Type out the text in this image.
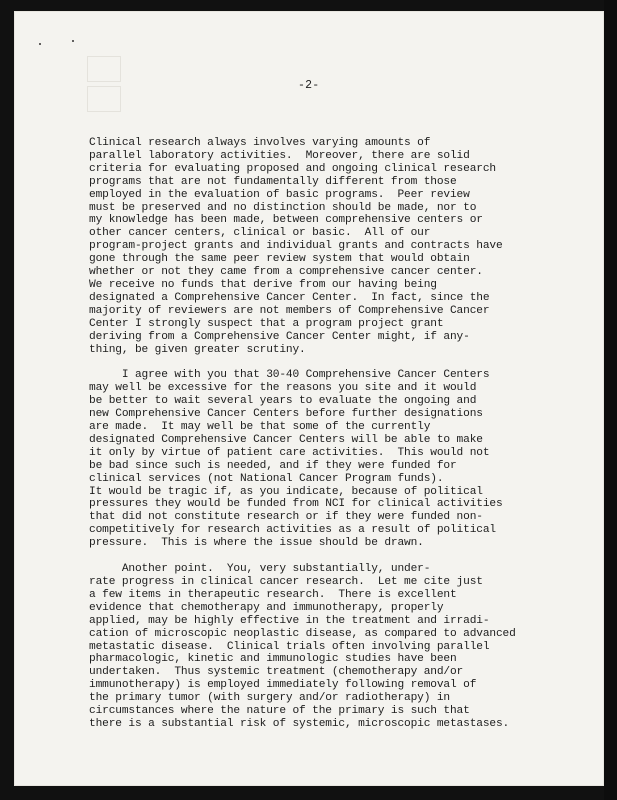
-2-
Clinical research always involves varying amounts of
parallel laboratory activities.  Moreover, there are solid
criteria for evaluating proposed and ongoing clinical research
programs that are not fundamentally different from those
employed in the evaluation of basic programs.  Peer review
must be preserved and no distinction should be made, nor to
my knowledge has been made, between comprehensive centers or
other cancer centers, clinical or basic.  All of our
program-project grants and individual grants and contracts have
gone through the same peer review system that would obtain
whether or not they came from a comprehensive cancer center.
We receive no funds that derive from our having being
designated a Comprehensive Cancer Center.  In fact, since the
majority of reviewers are not members of Comprehensive Cancer
Center I strongly suspect that a program project grant
deriving from a Comprehensive Cancer Center might, if any-
thing, be given greater scrutiny.
I agree with you that 30-40 Comprehensive Cancer Centers
may well be excessive for the reasons you site and it would
be better to wait several years to evaluate the ongoing and
new Comprehensive Cancer Centers before further designations
are made.  It may well be that some of the currently
designated Comprehensive Cancer Centers will be able to make
it only by virtue of patient care activities.  This would not
be bad since such is needed, and if they were funded for
clinical services (not National Cancer Program funds).
It would be tragic if, as you indicate, because of political
pressures they would be funded from NCI for clinical activities
that did not constitute research or if they were funded non-
competitively for research activities as a result of political
pressure.  This is where the issue should be drawn.
Another point.  You, very substantially, under-
rate progress in clinical cancer research.  Let me cite just
a few items in therapeutic research.  There is excellent
evidence that chemotherapy and immunotherapy, properly
applied, may be highly effective in the treatment and irradi-
cation of microscopic neoplastic disease, as compared to advanced
metastatic disease.  Clinical trials often involving parallel
pharmacologic, kinetic and immunologic studies have been
undertaken.  Thus systemic treatment (chemotherapy and/or
immunotherapy) is employed immediately following removal of
the primary tumor (with surgery and/or radiotherapy) in
circumstances where the nature of the primary is such that
there is a substantial risk of systemic, microscopic metastases.
